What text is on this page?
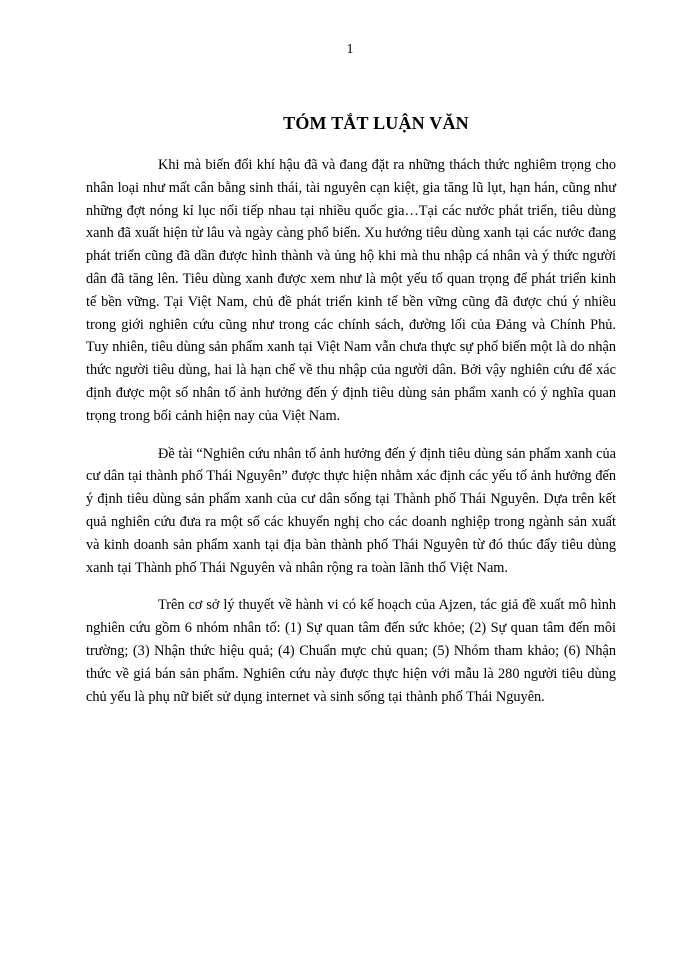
1
TÓM TẮT LUẬN VĂN

Khi mà biến đổi khí hậu đã và đang đặt ra những thách thức nghiêm trọng cho nhân loại như mất cân bằng sinh thái, tài nguyên cạn kiệt, gia tăng lũ lụt, hạn hán, cũng như những đợt nóng kỉ lục nối tiếp nhau tại nhiều quốc gia…Tại các nước phát triển, tiêu dùng xanh đã xuất hiện từ lâu và ngày càng phổ biến. Xu hướng tiêu dùng xanh tại các nước đang phát triển cũng đã dần được hình thành và ủng hộ khi mà thu nhập cá nhân và ý thức người dân đã tăng lên. Tiêu dùng xanh được xem như là một yếu tố quan trọng để phát triển kinh tế bền vững. Tại Việt Nam, chủ đề phát triển kinh tế bền vững cũng đã được chú ý nhiều trong giới nghiên cứu cũng như trong các chính sách, đường lối của Đảng và Chính Phủ. Tuy nhiên, tiêu dùng sản phẩm xanh tại Việt Nam vẫn chưa thực sự phổ biến một là do nhận thức người tiêu dùng, hai là hạn chế về thu nhập của người dân. Bởi vậy nghiên cứu để xác định được một số nhân tố ảnh hưởng đến ý định tiêu dùng sản phẩm xanh có ý nghĩa quan trọng trong bối cảnh hiện nay của Việt Nam.

Đề tài “Nghiên cứu nhân tố ảnh hưởng đến ý định tiêu dùng sản phẩm xanh của cư dân tại thành phố Thái Nguyên” được thực hiện nhằm xác định các yếu tố ảnh hưởng đến ý định tiêu dùng sản phẩm xanh của cư dân sống tại Thành phố Thái Nguyên. Dựa trên kết quả nghiên cứu đưa ra một số các khuyến nghị cho các doanh nghiệp trong ngành sản xuất và kinh doanh sản phẩm xanh tại địa bàn thành phố Thái Nguyên từ đó thúc đẩy tiêu dùng xanh tại Thành phố Thái Nguyên và nhân rộng ra toàn lãnh thổ Việt Nam.

Trên cơ sở lý thuyết về hành vi có kế hoạch của Ajzen, tác giả đề xuất mô hình nghiên cứu gồm 6 nhóm nhân tố: (1) Sự quan tâm đến sức khỏe; (2) Sự quan tâm đến môi trường; (3) Nhận thức hiệu quả; (4) Chuẩn mực chủ quan; (5) Nhóm tham khảo; (6) Nhận thức về giá bán sản phẩm. Nghiên cứu này được thực hiện với mẫu là 280 người tiêu dùng chủ yếu là phụ nữ biết sử dụng internet và sinh sống tại thành phố Thái Nguyên.
